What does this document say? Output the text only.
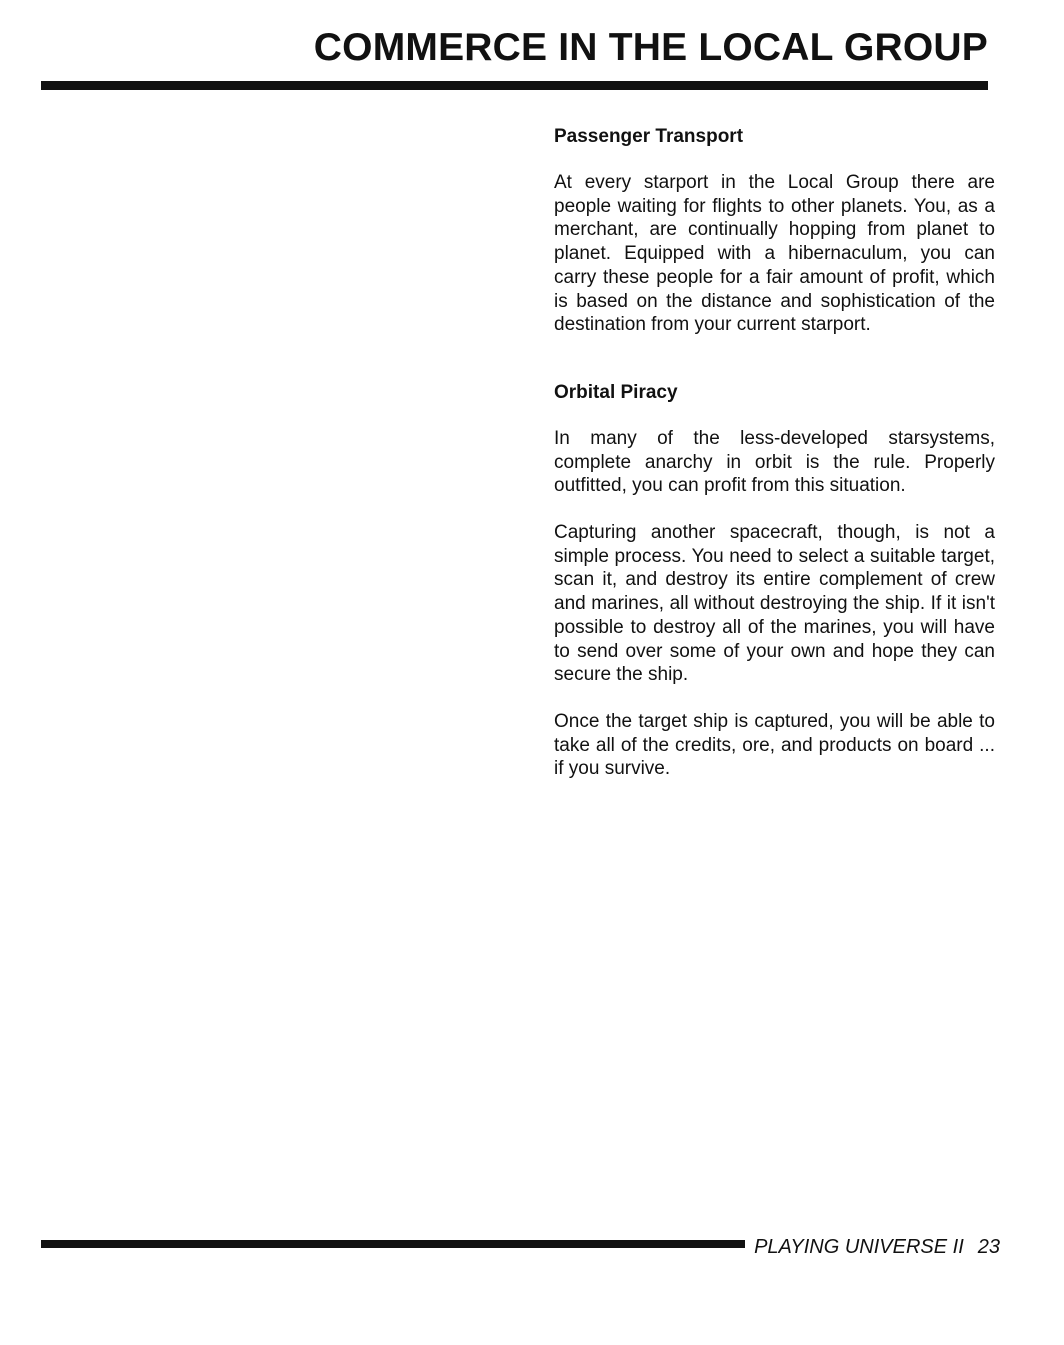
COMMERCE IN THE LOCAL GROUP
Passenger Transport

At every starport in the Local Group there are people waiting for flights to other planets. You, as a merchant, are continually hopping from planet to planet. Equipped with a hibernaculum, you can carry these people for a fair amount of profit, which is based on the distance and sophistication of the destination from your current starport.

Orbital Piracy

In many of the less-developed starsystems, complete anarchy in orbit is the rule. Properly outfitted, you can profit from this situation.

Capturing another spacecraft, though, is not a simple process. You need to select a suitable target, scan it, and destroy its entire complement of crew and marines, all without destroying the ship. If it isn't possible to destroy all of the marines, you will have to send over some of your own and hope they can secure the ship.

Once the target ship is captured, you will be able to take all of the credits, ore, and products on board ... if you survive.

PLAYING UNIVERSE II 23
